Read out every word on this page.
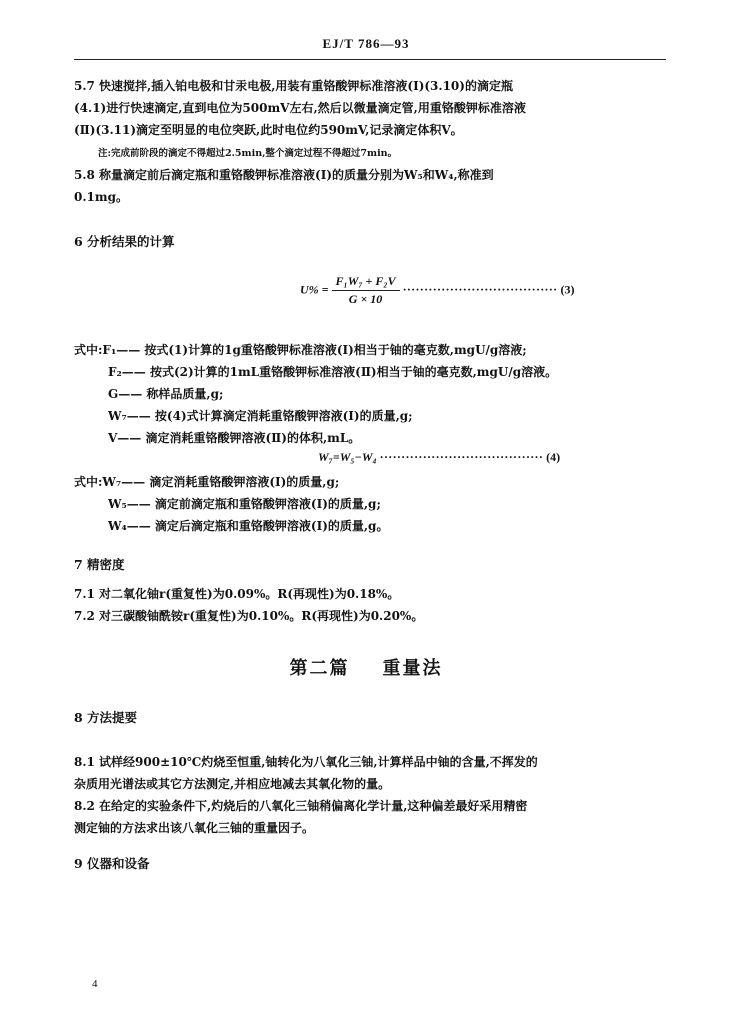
EJ/T 786—93
5.7 快速搅拌,插入铂电极和甘汞电极,用装有重铬酸钾标准溶液(Ⅰ)(3.10)的滴定瓶
(4.1)进行快速滴定,直到电位为500mV左右,然后以微量滴定管,用重铬酸钾标准溶液
(Ⅱ)(3.11)滴定至明显的电位突跃,此时电位约590mV,记录滴定体积V。
注:完成前阶段的滴定不得超过2.5min,整个滴定过程不得超过7min。
5.8 称量滴定前后滴定瓶和重铬酸钾标准溶液(Ⅰ)的质量分别为W₅和W₄,称准到
0.1mg。
6 分析结果的计算
$U\% = \frac{\text{F₁W₇ + F₂V}}{G \times 10}$ ···································· (3)
式中:F₁—— 按式(1)计算的1g重铬酸钾标准溶液(Ⅰ)相当于铀的毫克数,mgU/g溶液;
F₂—— 按式(2)计算的1mL重铬酸钾标准溶液(Ⅱ)相当于铀的毫克数,mgU/g溶液。
G—— 称样品质量,g;
W₇—— 按(4)式计算滴定消耗重铬酸钾溶液(Ⅰ)的质量,g;
V—— 滴定消耗重铬酸钾溶液(Ⅱ)的体积,mL。
W₇=W₅−W₄ ······································ (4)
式中:W₇—— 滴定消耗重铬酸钾溶液(Ⅰ)的质量,g;
W₅—— 滴定前滴定瓶和重铬酸钾溶液(Ⅰ)的质量,g;
W₄—— 滴定后滴定瓶和重铬酸钾溶液(Ⅰ)的质量,g。
7 精密度
7.1 对二氧化铀r(重复性)为0.09%。R(再现性)为0.18%。
7.2 对三碳酸铀酰铵r(重复性)为0.10%。R(再现性)为0.20%。
第二篇    重量法
8 方法提要
8.1 试样经900±10℃灼烧至恒重,铀转化为八氧化三铀,计算样品中铀的含量,不挥发的
杂质用光谱法或其它方法测定,并相应地减去其氧化物的量。
8.2 在给定的实验条件下,灼烧后的八氧化三铀稍偏离化学计量,这种偏差最好采用精密
测定铀的方法求出该八氧化三铀的重量因子。
9 仪器和设备
4
